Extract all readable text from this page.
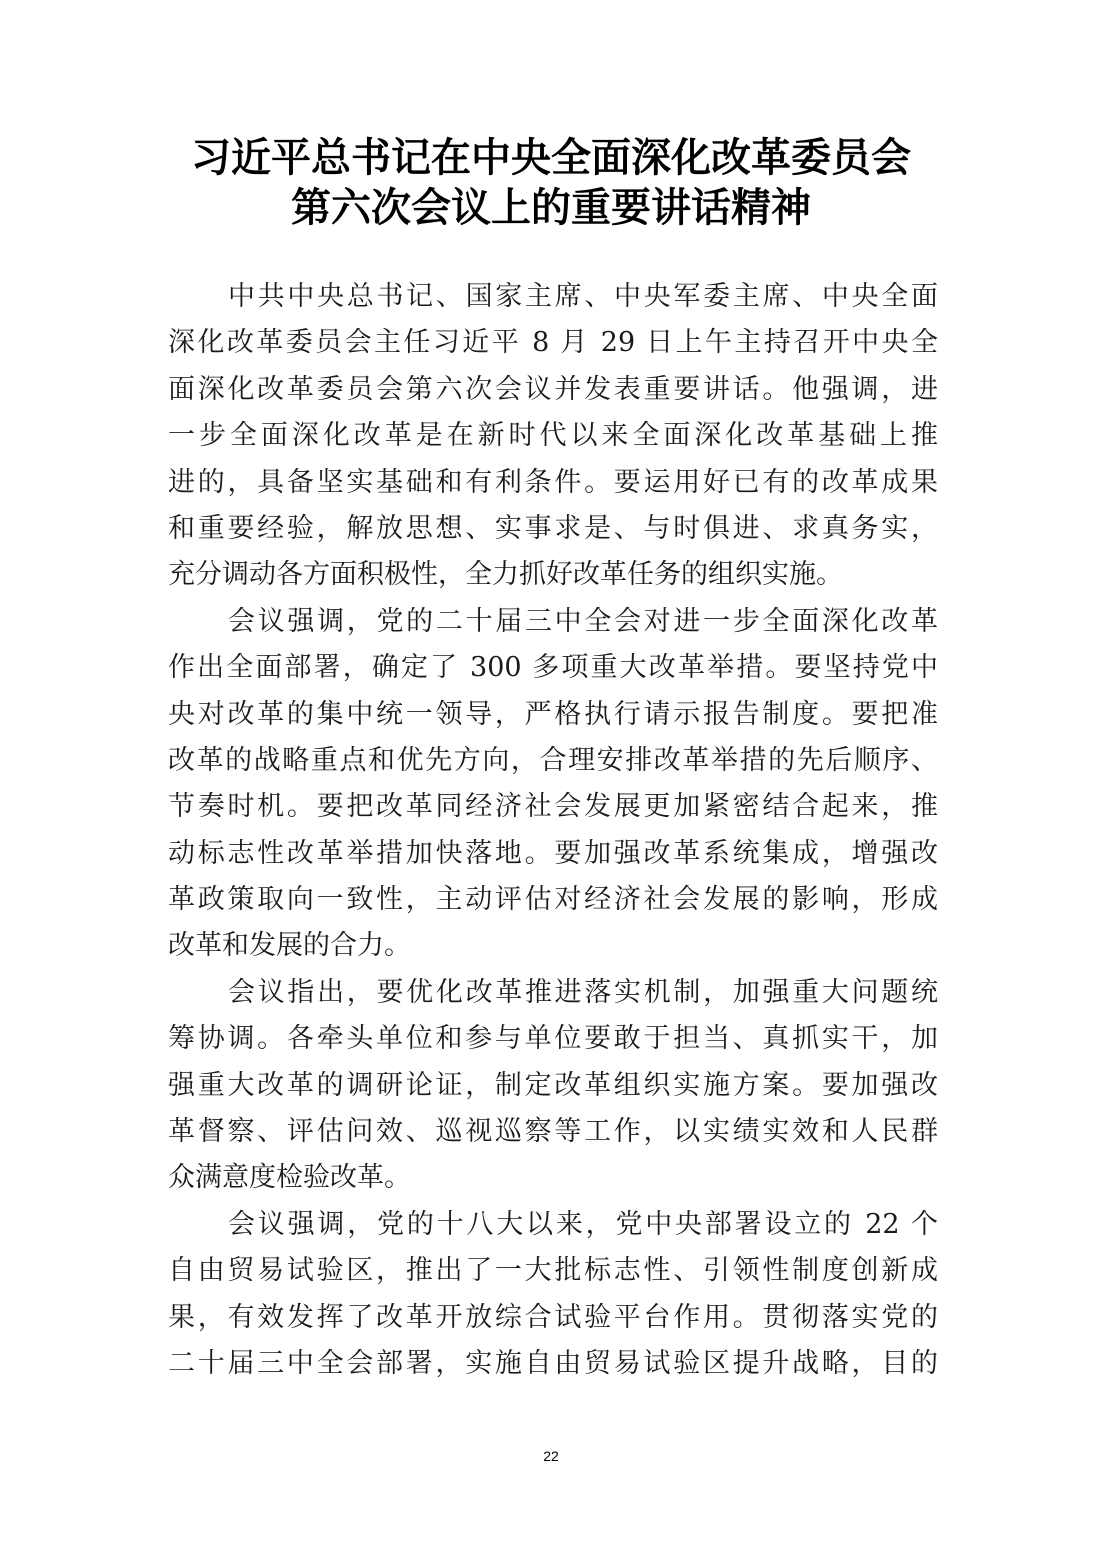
习近平总书记在中央全面深化改革委员会
第六次会议上的重要讲话精神
中共中央总书记、国家主席、中央军委主席、中央全面
深化改革委员会主任习近平 8 月 29 日上午主持召开中央全
面深化改革委员会第六次会议并发表重要讲话。他强调，进
一步全面深化改革是在新时代以来全面深化改革基础上推
进的，具备坚实基础和有利条件。要运用好已有的改革成果
和重要经验，解放思想、实事求是、与时俱进、求真务实，
充分调动各方面积极性，全力抓好改革任务的组织实施。
会议强调，党的二十届三中全会对进一步全面深化改革
作出全面部署，确定了 300 多项重大改革举措。要坚持党中
央对改革的集中统一领导，严格执行请示报告制度。要把准
改革的战略重点和优先方向，合理安排改革举措的先后顺序、
节奏时机。要把改革同经济社会发展更加紧密结合起来，推
动标志性改革举措加快落地。要加强改革系统集成，增强改
革政策取向一致性，主动评估对经济社会发展的影响，形成
改革和发展的合力。
会议指出，要优化改革推进落实机制，加强重大问题统
筹协调。各牵头单位和参与单位要敢于担当、真抓实干，加
强重大改革的调研论证，制定改革组织实施方案。要加强改
革督察、评估问效、巡视巡察等工作，以实绩实效和人民群
众满意度检验改革。
会议强调，党的十八大以来，党中央部署设立的 22 个
自由贸易试验区，推出了一大批标志性、引领性制度创新成
果，有效发挥了改革开放综合试验平台作用。贯彻落实党的
二十届三中全会部署，实施自由贸易试验区提升战略，目的
22
